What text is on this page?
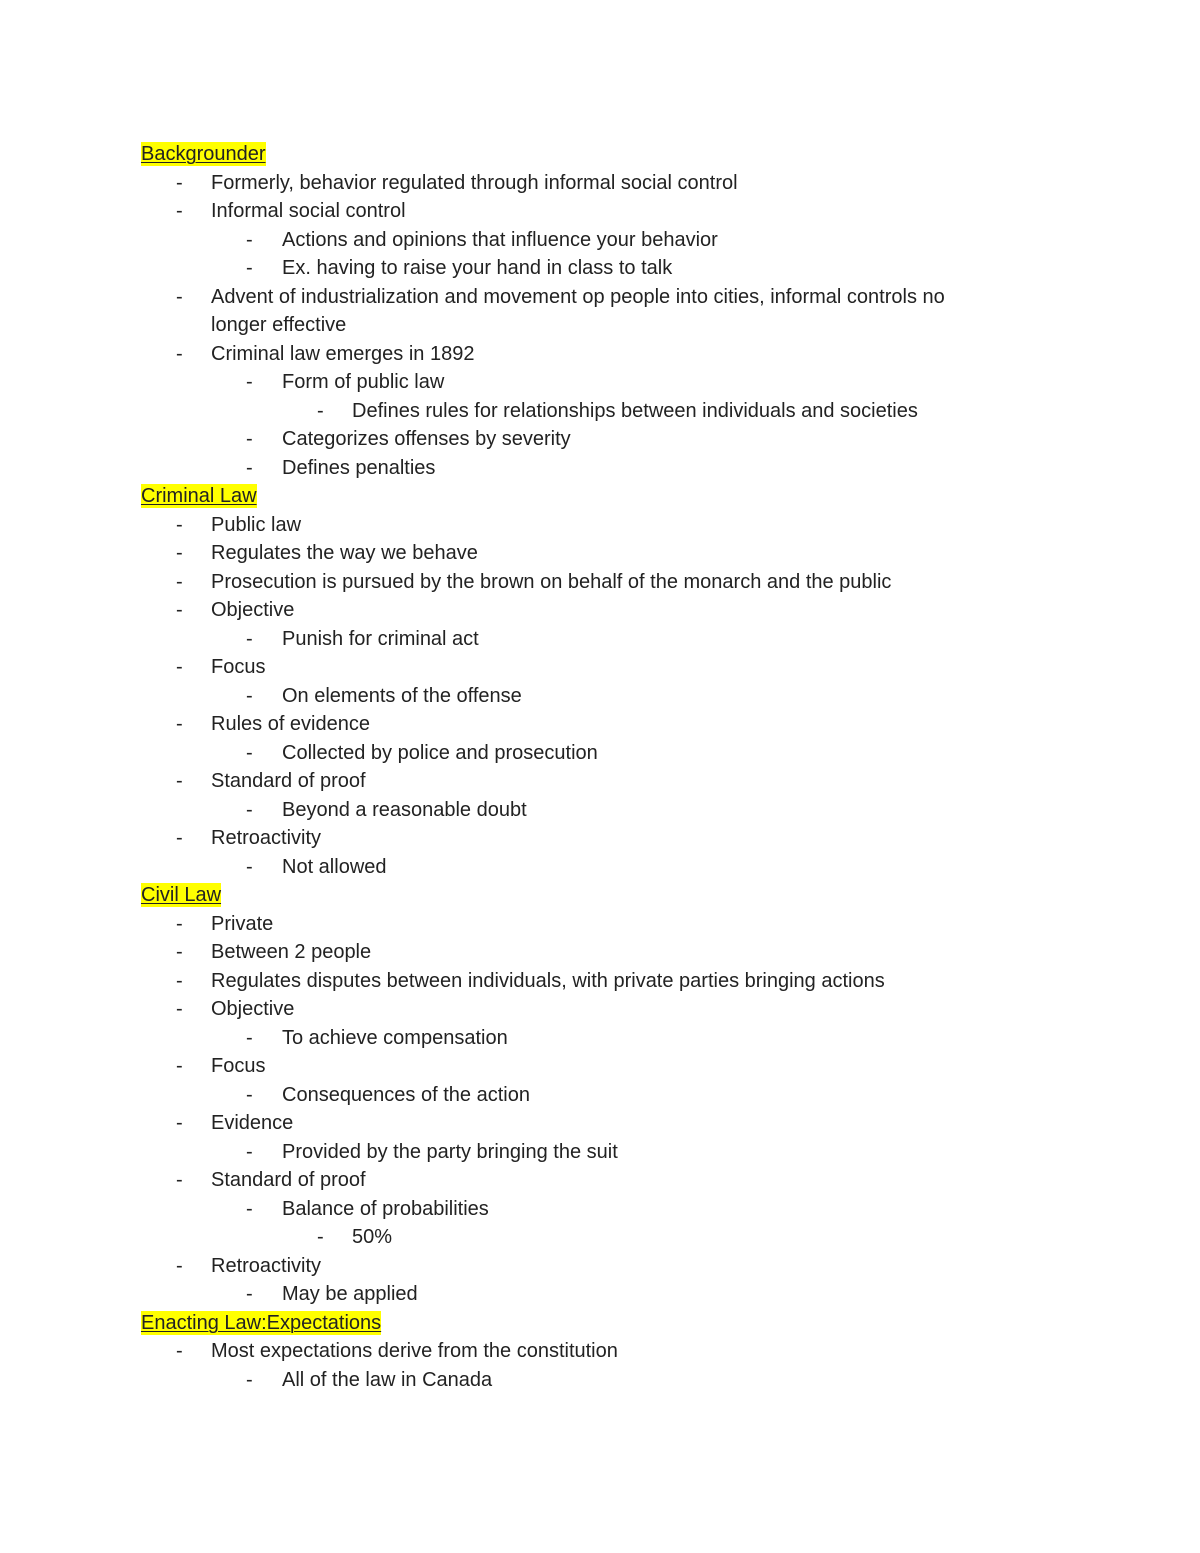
Backgrounder
- Formerly, behavior regulated through informal social control
- Informal social control
- Actions and opinions that influence your behavior
- Ex. having to raise your hand in class to talk
- Advent of industrialization and movement op people into cities, informal controls no
longer effective
- Criminal law emerges in 1892
- Form of public law
- Defines rules for relationships between individuals and societies
- Categorizes offenses by severity
- Defines penalties
Criminal Law
- Public law
- Regulates the way we behave
- Prosecution is pursued by the brown on behalf of the monarch and the public
- Objective
- Punish for criminal act
- Focus
- On elements of the offense
- Rules of evidence
- Collected by police and prosecution
- Standard of proof
- Beyond a reasonable doubt
- Retroactivity
- Not allowed
Civil Law
- Private
- Between 2 people
- Regulates disputes between individuals, with private parties bringing actions
- Objective
- To achieve compensation
- Focus
- Consequences of the action
- Evidence
- Provided by the party bringing the suit
- Standard of proof
- Balance of probabilities
- 50%
- Retroactivity
- May be applied
Enacting Law:Expectations
- Most expectations derive from the constitution
- All of the law in Canada
